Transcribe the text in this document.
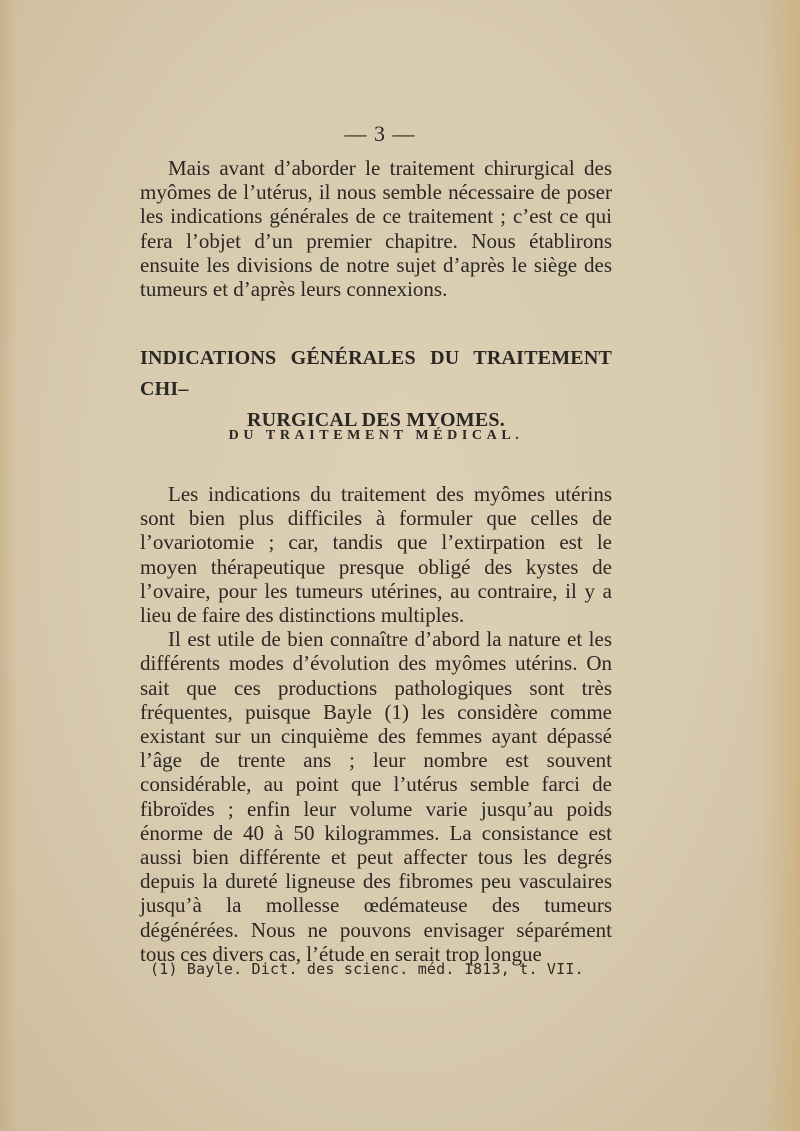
— 3 —

Mais avant d’aborder le traitement chirurgical des myômes de l’utérus, il nous semble nécessaire de poser les indications générales de ce traitement ; c’est ce qui fera l’objet d’un premier chapitre. Nous établirons ensuite les divisions de notre sujet d’après le siège des tumeurs et d’après leurs connexions.

INDICATIONS GÉNÉRALES DU TRAITEMENT CHI–
RURGICAL DES MYOMES.
DU TRAITEMENT MÉDICAL.

Les indications du traitement des myômes utérins sont bien plus difficiles à formuler que celles de l’ovariotomie ; car, tandis que l’extirpation est le moyen thérapeutique presque obligé des kystes de l’ovaire, pour les tumeurs utérines, au contraire, il y a lieu de faire des distinctions multiples.

Il est utile de bien connaître d’abord la nature et les différents modes d’évolution des myômes utérins. On sait que ces productions pathologiques sont très fréquentes, puisque Bayle (1) les considère comme existant sur un cinquième des femmes ayant dépassé l’âge de trente ans ; leur nombre est souvent considérable, au point que l’utérus semble farci de fibroïdes ; enfin leur volume varie jusqu’au poids énorme de 40 à 50 kilogrammes. La consistance est aussi bien différente et peut affecter tous les degrés depuis la dureté ligneuse des fibromes peu vasculaires jusqu’à la mollesse œdémateuse des tumeurs dégénérées. Nous ne pouvons envisager séparément tous ces divers cas, l’étude en serait trop longue

(1) Bayle. Dict. des scienc. méd. 1813, t. VII.
